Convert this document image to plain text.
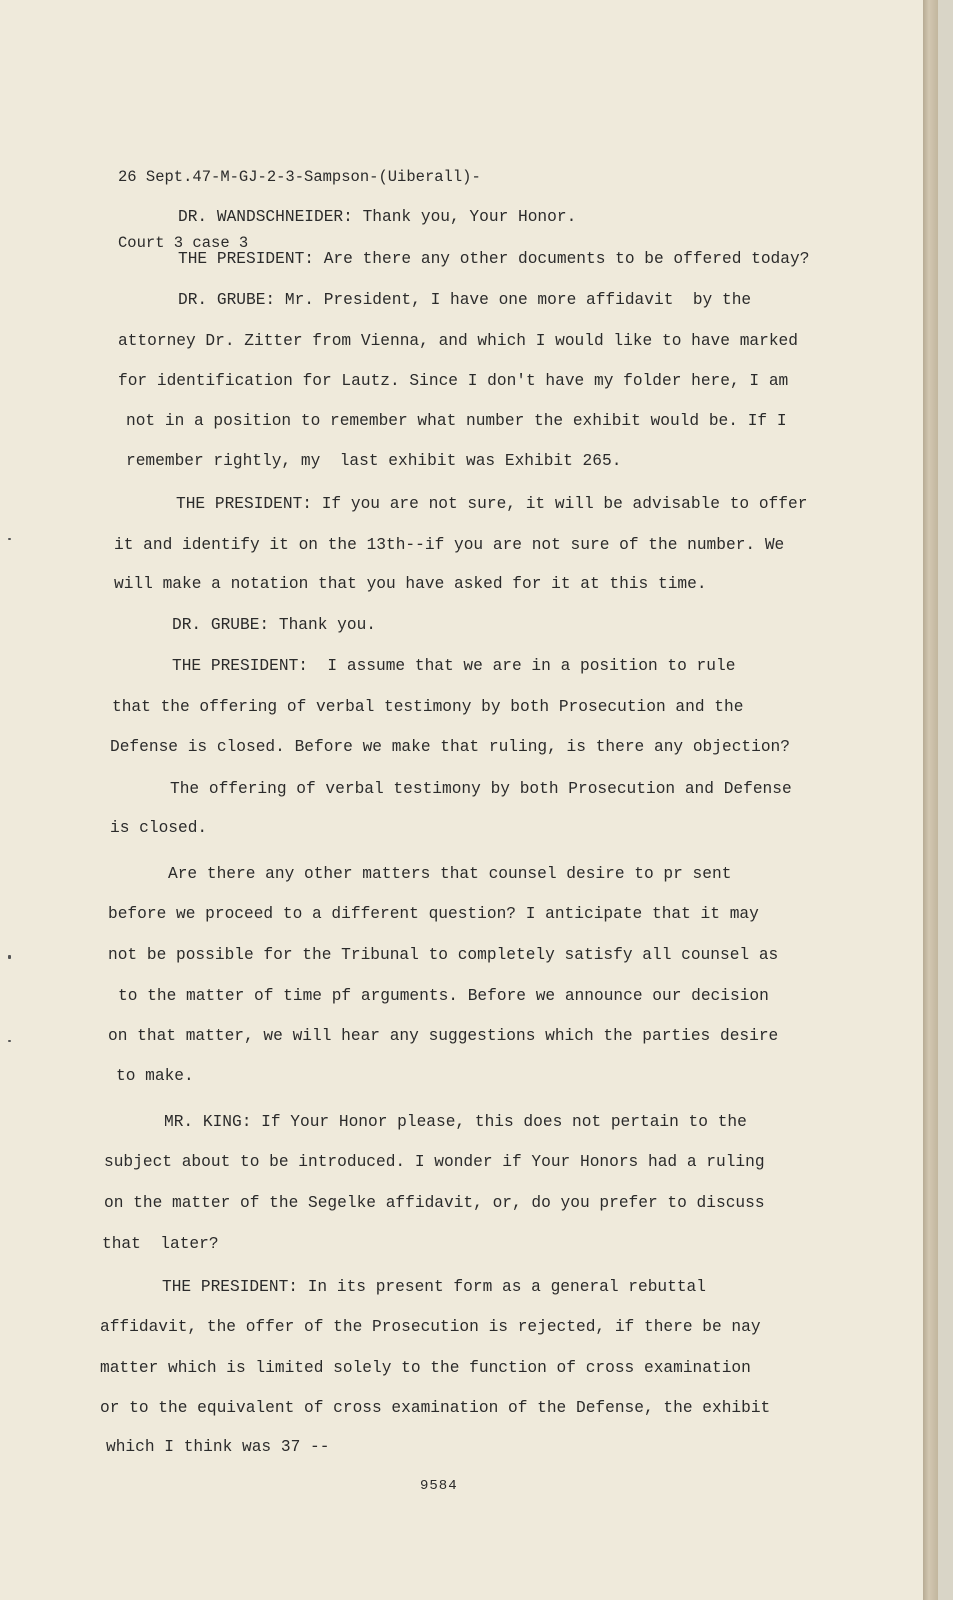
26 Sept.47-M-GJ-2-3-Sampson-(Uiberall)-

Court 3 case 3

DR. WANDSCHNEIDER: Thank you, Your Honor.
THE PRESIDENT: Are there any other documents to be offered today?
DR. GRUBE: Mr. President, I have one more affidavit  by the
attorney Dr. Zitter from Vienna, and which I would like to have marked
for identification for Lautz. Since I don't have my folder here, I am
not in a position to remember what number the exhibit would be. If I
remember rightly, my  last exhibit was Exhibit 265.
THE PRESIDENT: If you are not sure, it will be advisable to offer
it and identify it on the 13th--if you are not sure of the number. We
will make a notation that you have asked for it at this time.
DR. GRUBE: Thank you.
THE PRESIDENT:  I assume that we are in a position to rule
that the offering of verbal testimony by both Prosecution and the
Defense is closed. Before we make that ruling, is there any objection?
The offering of verbal testimony by both Prosecution and Defense
is closed.
Are there any other matters that counsel desire to pr sent
before we proceed to a different question? I anticipate that it may
not be possible for the Tribunal to completely satisfy all counsel as
to the matter of time pf arguments. Before we announce our decision
on that matter, we will hear any suggestions which the parties desire
to make.
MR. KING: If Your Honor please, this does not pertain to the
subject about to be introduced. I wonder if Your Honors had a ruling
on the matter of the Segelke affidavit, or, do you prefer to discuss
that  later?
THE PRESIDENT: In its present form as a general rebuttal
affidavit, the offer of the Prosecution is rejected, if there be nay
matter which is limited solely to the function of cross examination
or to the equivalent of cross examination of the Defense, the exhibit
which I think was 37 --
9584
